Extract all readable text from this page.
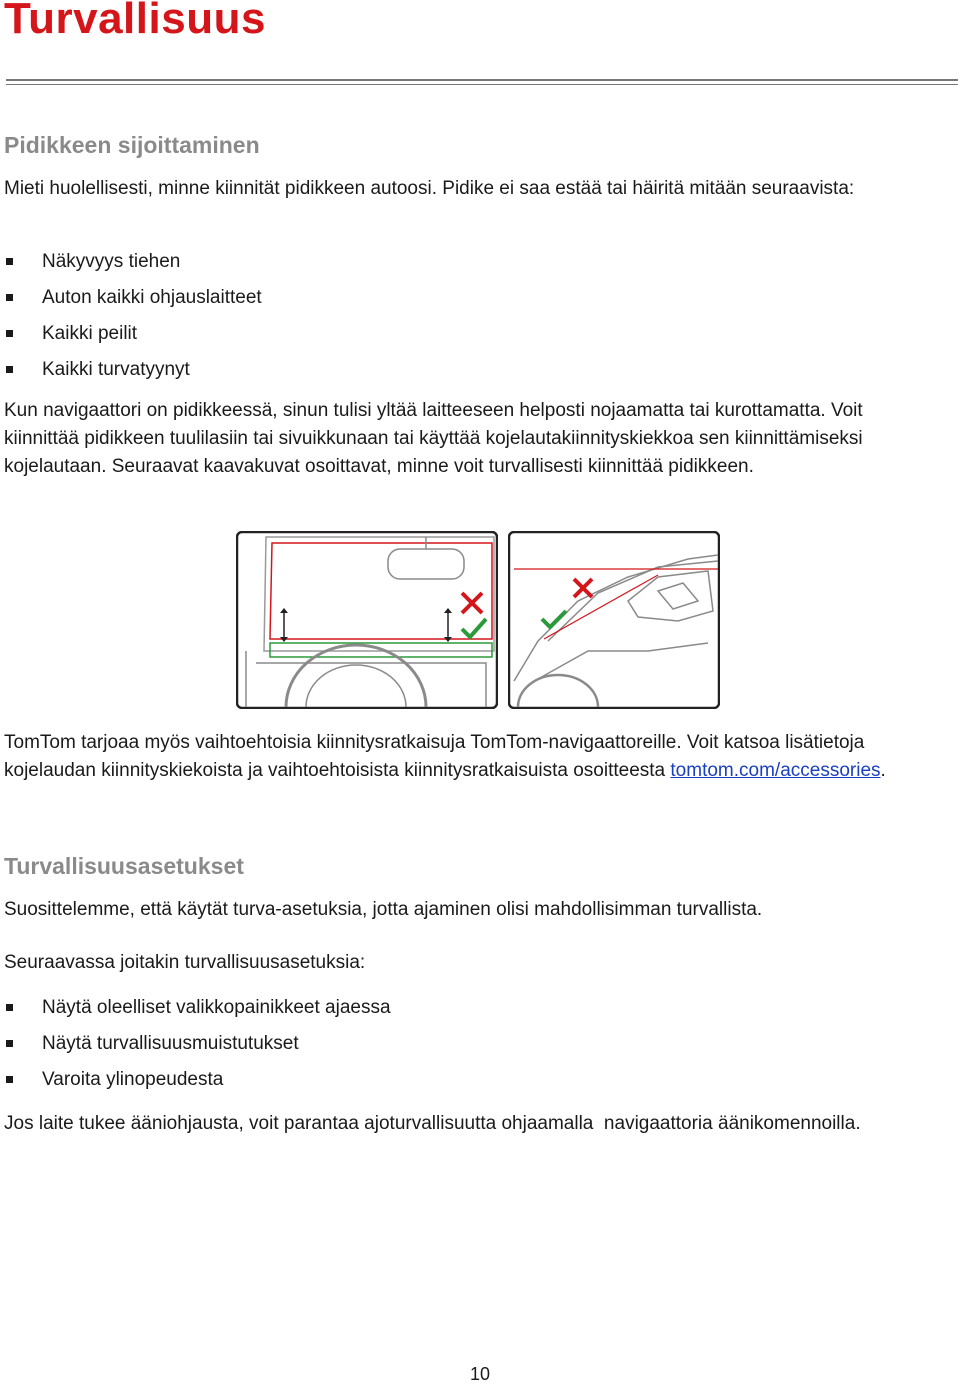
Turvallisuus
Pidikkeen sijoittaminen

Mieti huolellisesti, minne kiinnität pidikkeen autoosi. Pidike ei saa estää tai häiritä mitään seuraavista:

Näkyvyys tiehen
Auton kaikki ohjauslaitteet
Kaikki peilit
Kaikki turvatyynyt

Kun navigaattori on pidikkeessä, sinun tulisi yltää laitteeseen helposti nojaamatta tai kurottamatta. Voit kiinnittää pidikkeen tuulilasiin tai sivuikkunaan tai käyttää kojelautakiinnityskiekkoa sen kiinnittämiseksi kojelautaan. Seuraavat kaavakuvat osoittavat, minne voit turvallisesti kiinnittää pidikkeen.

TomTom tarjoaa myös vaihtoehtoisia kiinnitysratkaisuja TomTom-navigaattoreille. Voit katsoa lisätietoja kojelaudan kiinnityskiekoista ja vaihtoehtoisista kiinnitysratkaisuista osoitteesta tomtom.com/accessories.

Turvallisuusasetukset

Suosittelemme, että käytät turva-asetuksia, jotta ajaminen olisi mahdollisimman turvallista.

Seuraavassa joitakin turvallisuusasetuksia:

Näytä oleelliset valikkopainikkeet ajaessa
Näytä turvallisuusmuistutukset
Varoita ylinopeudesta

Jos laite tukee ääniohjausta, voit parantaa ajoturvallisuutta ohjaamalla  navigaattoria äänikomennoilla.

10
